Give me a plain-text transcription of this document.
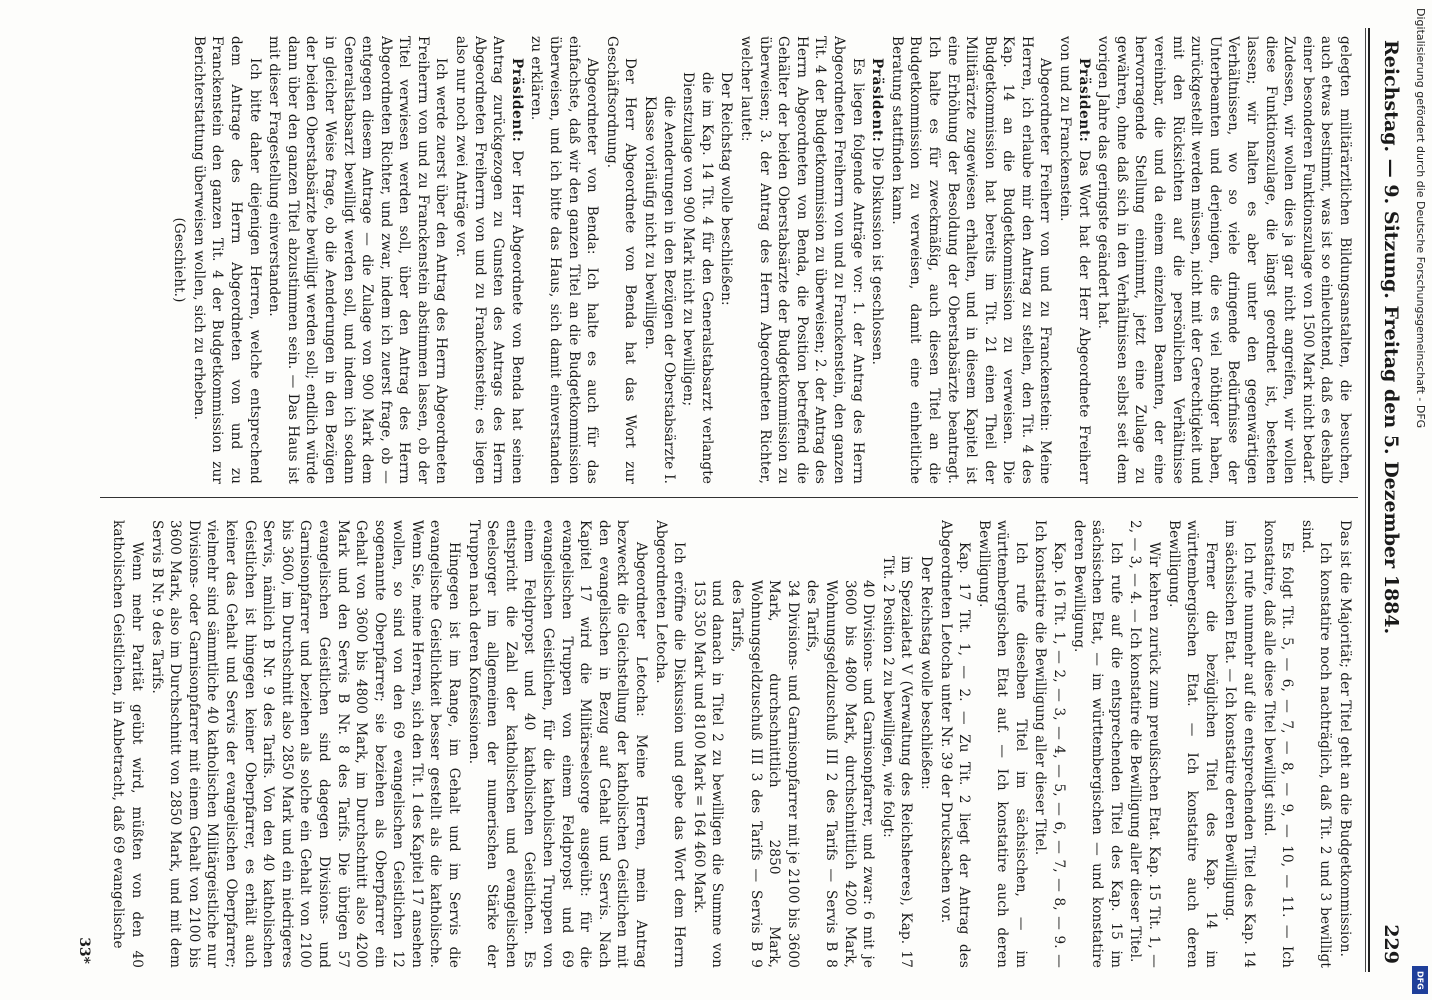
Reichstag. — 9. Sitzung. Freitag den 5. Dezember 1884.
229

gelegten militärärztlichen Bildungsanstalten, die besuchen, auch etwas bestimmt, was ist so einleuchtend, daß es deshalb einer besonderen Funktionszulage von 1500 Mark nicht bedarf. Zudessen, wir wollen dies ja gar nicht angreifen, wir wollen diese Funktionszulage, die längst geordnet ist, bestehen lassen; wir halten es aber unter den gegenwärtigen Verhältnissen, wo so viele dringende Bedürfnisse der Unterbeamten und derjenigen, die es viel nöthiger haben, zurückgestellt werden müssen, nicht mit der Gerechtigkeit und mit den Rücksichten auf die persönlichen Verhältnisse vereinbar, die und da einem einzelnen Beamten, der eine hervorragende Stellung einnimmt, jetzt eine Zulage zu gewähren, ohne daß sich in den Verhältnissen selbst seit dem vorigen Jahre das geringste geändert hat.

Präsident: Das Wort hat der Herr Abgeordnete Freiherr von und zu Franckenstein.

Abgeordneter Freiherr von und zu Franckenstein: Meine Herren, ich erlaube mir den Antrag zu stellen, den Tit. 4 des Kap. 14 an die Budgetkommission zu verweisen. Die Budgetkommission hat bereits im Tit. 21 einen Theil der Militärärzte zugewiesen erhalten, und in diesem Kapitel ist eine Erhöhung der Besoldung der Oberstabsärzte beantragt. Ich halte es für zweckmäßig, auch diesen Titel an die Budgetkommission zu verweisen, damit eine einheitliche Beratung stattfinden kann.

Präsident: Die Diskussion ist geschlossen.

Es liegen folgende Anträge vor: 1. der Antrag des Herrn Abgeordneten Freiherrn von und zu Franckenstein, den ganzen Tit. 4 der Budgetkommission zu überweisen; 2. der Antrag des Herrn Abgeordneten von Benda, die Position betreffend die Gehälter der beiden Oberstabsärzte der Budgetkommission zu überweisen; 3. der Antrag des Herrn Abgeordneten Richter, welcher lautet:

Der Reichstag wolle beschließen:

die im Kap. 14 Tit. 4 für den Generalstabsarzt verlangte Dienstzulage von 900 Mark nicht zu bewilligen;

die Aenderungen in den Bezügen der Oberstabsärzte I. Klasse vorläufig nicht zu bewilligen.

Der Herr Abgeordnete von Benda hat das Wort zur Geschäftsordnung.

Abgeordneter von Benda: Ich halte es auch für das einfachste, daß wir den ganzen Titel an die Budgetkommission überweisen, und ich bitte das Haus, sich damit einverstanden zu erklären.

Präsident: Der Herr Abgeordnete von Benda hat seinen Antrag zurückgezogen zu Gunsten des Antrags des Herrn Abgeordneten Freiherrn von und zu Franckenstein; es liegen also nur noch zwei Anträge vor.

Ich werde zuerst über den Antrag des Herrn Abgeordneten Freiherrn von und zu Franckenstein abstimmen lassen, ob der Titel verwiesen werden soll, über den Antrag des Herrn Abgeordneten Richter, und zwar, indem ich zuerst frage, ob — entgegen diesem Antrage — die Zulage von 900 Mark dem Generalstabsarzt bewilligt werden soll, und indem ich sodann in gleicher Weise frage, ob die Aenderungen in den Bezügen der beiden Oberstabsärzte bewilligt werden soll; endlich würde dann über den ganzen Titel abzustimmen sein. — Das Haus ist mit dieser Fragestellung einverstanden.

Ich bitte daher diejenigen Herren, welche entsprechend dem Antrage des Herrn Abgeordneten von und zu Franckenstein den ganzen Tit. 4 der Budgetkommission zur Berichterstattung überweisen wollen, sich zu erheben.

(Geschieht.)

Das ist die Majorität; der Titel geht an die Budgetkommission.

Ich konstatire noch nachträglich, daß Tit. 2 und 3 bewilligt sind.

Es folgt Tit. 5, — 6, — 7, — 8, — 9, — 10, — 11. — Ich konstatire, daß alle diese Titel bewilligt sind.

Ich rufe nunmehr auf die entsprechenden Titel des Kap. 14 im sächsischen Etat. — Ich konstatire deren Bewilligung.

Ferner die bezüglichen Titel des Kap. 14 im württembergischen Etat. — Ich konstatire auch deren Bewilligung.

Wir kehren zurück zum preußischen Etat. Kap. 15 Tit. 1, — 2, — 3, — 4. — Ich konstatire die Bewilligung aller dieser Titel.

Ich rufe auf die entsprechenden Titel des Kap. 15 im sächsischen Etat, — im württembergischen — und konstatire deren Bewilligung.

Kap. 16 Tit. 1, — 2, — 3, — 4, — 5, — 6, — 7, — 8, — 9. — Ich konstatire die Bewilligung aller dieser Titel.

Ich rufe dieselben Titel im sächsischen, — im württembergischen Etat auf. — Ich konstatire auch deren Bewilligung.

Kap. 17 Tit. 1, — 2. — Zu Tit. 2 liegt der Antrag des Abgeordneten Letocha unter Nr. 39 der Drucksachen vor.

Der Reichstag wolle beschließen:

im Spezialetat V (Verwaltung des Reichsheeres), Kap. 17 Tit. 2 Position 2 zu bewilligen, wie folgt:

40 Divisions- und Garnisonpfarrer, und zwar: 6 mit je 3600 bis 4800 Mark, durchschnittlich 4200 Mark, Wohnungsgeldzuschuß III 2 des Tarifs — Servis B 8 des Tarifs,

34 Divisions- und Garnisonpfarrer mit je 2100 bis 3600 Mark, durchschnittlich 2850 Mark, Wohnungsgeldzuschuß III 3 des Tarifs — Servis B 9 des Tarifs,

und danach in Titel 2 zu bewilligen die Summe von 153 350 Mark und 8100 Mark = 164 460 Mark.

Ich eröffne die Diskussion und gebe das Wort dem Herrn Abgeordneten Letocha.

Abgeordneter Letocha: Meine Herren, mein Antrag bezweckt die Gleichstellung der katholischen Geistlichen mit den evangelischen in Bezug auf Gehalt und Servis. Nach Kapitel 17 wird die Militärseelsorge ausgeübt: für die evangelischen Truppen von einem Feldpropst und 69 evangelischen Geistlichen, für die katholischen Truppen von einem Feldpropst und 40 katholischen Geistlichen. Es entspricht die Zahl der katholischen und evangelischen Seelsorger im allgemeinen der numerischen Stärke der Truppen nach deren Konfessionen.

Hingegen ist im Range, im Gehalt und im Servis die evangelische Geistlichkeit besser gestellt als die katholische. Wenn Sie, meine Herren, sich den Tit. 1 des Kapitel 17 ansehen wollen, so sind von den 69 evangelischen Geistlichen 12 sogenannte Oberpfarrer; sie beziehen als Oberpfarrer ein Gehalt von 3600 bis 4800 Mark, im Durchschnitt also 4200 Mark und den Servis B Nr. 8 des Tarifs. Die übrigen 57 evangelischen Geistlichen sind dagegen Divisions- und Garnisonpfarrer und beziehen als solche ein Gehalt von 2100 bis 3600, im Durchschnitt also 2850 Mark und ein niedrigeres Servis, nämlich B Nr. 9 des Tarifs. Von den 40 katholischen Geistlichen ist hingegen keiner Oberpfarrer, es erhält auch keiner das Gehalt und Servis der evangelischen Oberpfarrer; vielmehr sind sämmtliche 40 katholischen Militärgeistliche nur Divisions- oder Garnisonpfarrer mit einem Gehalt von 2100 bis 3600 Mark, also im Durchschnitt von 2850 Mark, und mit dem Servis B Nr. 9 des Tarifs.

Wenn mehr Parität geübt wird, müßten von den 40 katholischen Geistlichen, in Anbetracht, daß 69 evangelische

33*
Digitalisierung gefördert durch die Deutsche Forschungsgemeinschaft - DFG
DFG
